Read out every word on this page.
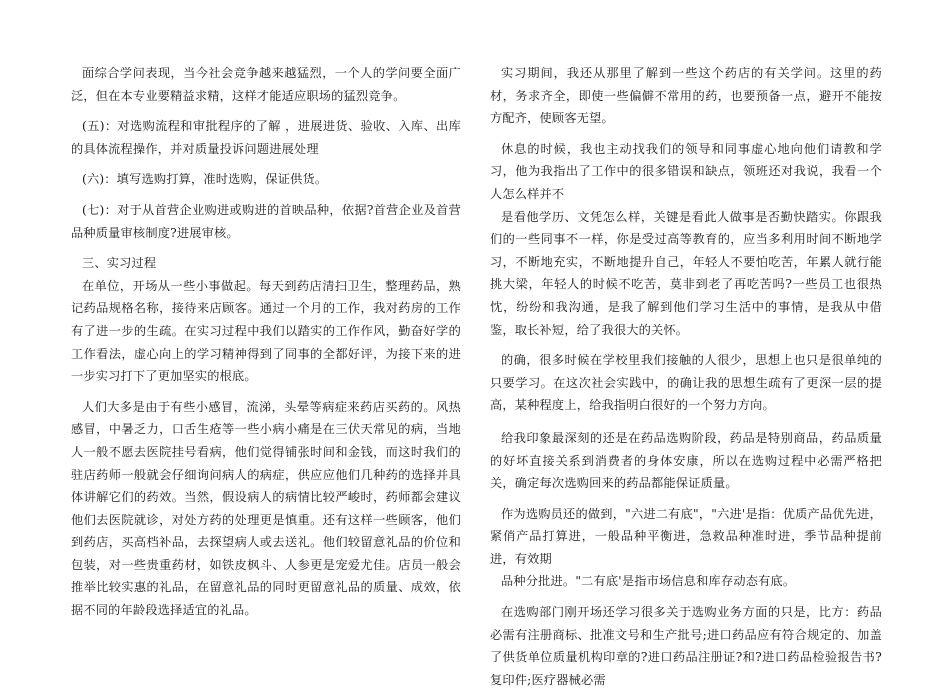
面综合学问表现，当今社会竞争越来越猛烈，一个人的学问要全面广泛，但在本专业要精益求精，这样才能适应职场的猛烈竞争。

(五)：对选购流程和审批程序的了解 ，进展进货、验收、入库、出库的具体流程操作，并对质量投诉问题进展处理

(六)：填写选购打算，准时选购，保证供货。

(七)：对于从首营企业购进或购进的首映品种，依据?首营企业及首营品种质量审核制度?进展审核。

三、实习过程

在单位，开场从一些小事做起。每天到药店清扫卫生，整理药品，熟记药品规格名称，接待来店顾客。通过一个月的工作，我对药房的工作有了进一步的生疏。在实习过程中我们以踏实的工作作风，勤奋好学的工作看法，虚心向上的学习精神得到了同事的全都好评，为接下来的进一步实习打下了更加坚实的根底。

人们大多是由于有些小感冒，流涕，头晕等病症来药店买药的。风热感冒，中暑乏力，口舌生疮等一些小病小痛是在三伏天常见的病，当地人一般不愿去医院挂号看病，他们觉得铺张时间和金钱，而这时我们的驻店药师一般就会仔细询问病人的病症，供应应他们几种药的选择并具体讲解它们的药效。当然，假设病人的病情比较严峻时，药师都会建议他们去医院就诊，对处方药的处理更是慎重。还有这样一些顾客，他们到药店，买高档补品，去探望病人或去送礼。他们较留意礼品的价位和包装，对一些贵重药材，如铁皮枫斗、人参更是宠爱尤佳。店员一般会推举比较实惠的礼品，在留意礼品的同时更留意礼品的质量、成效，依据不同的年龄段选择适宜的礼品。

实习期间，我还从那里了解到一些这个药店的有关学问。这里的药材，务求齐全，即使一些偏僻不常用的药，也要预备一点，避开不能按方配齐，使顾客无望。

休息的时候，我也主动找我们的领导和同事虚心地向他们请教和学习，他为我指出了工作中的很多错误和缺点，领班还对我说，我看一个人怎么样并不

是看他学历、文凭怎么样，关键是看此人做事是否勤快踏实。你跟我们的一些同事不一样，你是受过高等教育的，应当多利用时间不断地学习，不断地充实，不断地提升自己，年轻人不要怕吃苦，年累人就行能挑大梁，年轻人的时候不吃苦，莫非到老了再吃苦吗?一些员工也很热忱，纷纷和我沟通，是我了解到他们学习生活中的事情，是我从中借鉴，取长补短，给了我很大的关怀。

的确，很多时候在学校里我们接触的人很少，思想上也只是很单纯的只要学习。在这次社会实践中，的确让我的思想生疏有了更深一层的提高，某种程度上，给我指明白很好的一个努力方向。

给我印象最深刻的还是在药品选购阶段，药品是特别商品，药品质量的好坏直接关系到消费者的身体安康，所以在选购过程中必需严格把关，确定每次选购回来的药品都能保证质量。

作为选购员还的做到，"六进二有底"，"六进'是指：优质产品优先进，紧俏产品打算进，一般品种平衡进，急救品种准时进，季节品种提前进，有效期

品种分批进。"二有底'是指市场信息和库存动态有底。

在选购部门刚开场还学习很多关于选购业务方面的只是，比方：药品必需有注册商标、批准文号和生产批号;进口药品应有符合规定的、加盖了供货单位质量机构印章的?进口药品注册证?和?进口药品检验报告书?复印件;医疗器械必需
